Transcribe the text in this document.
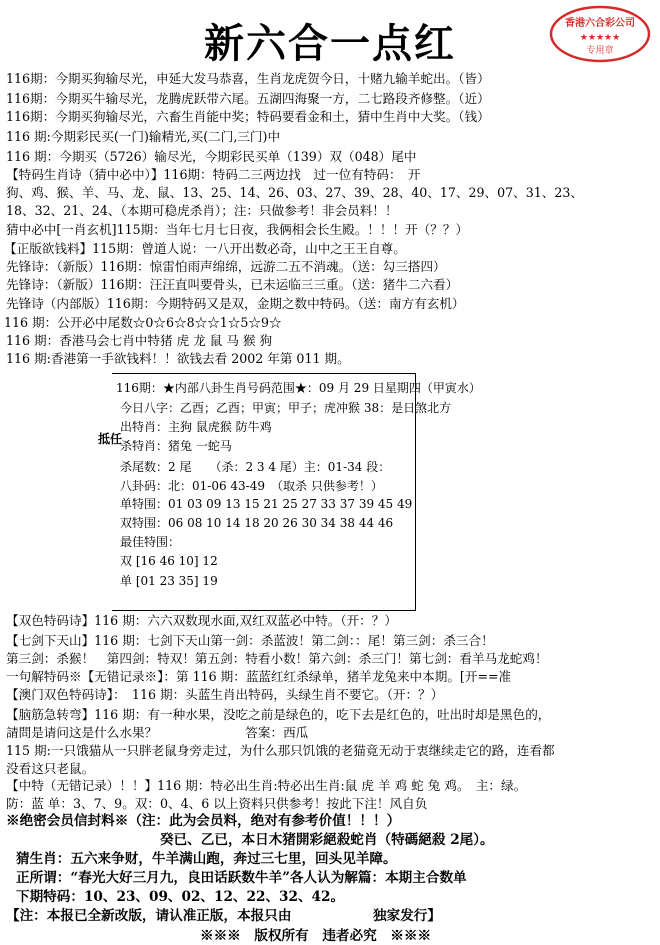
新六合一点红	香港六合彩公司
★★★★★
专用章
116期：今期买狗输尽光，申延大发马恭喜，生肖龙虎贺今日，十赌九输羊蛇出。（皆）
116期：今期买牛输尽光，龙腾虎跃带六尾。五湖四海聚一方，二七路段齐修整。（近）
116期：今期买狗输尽光，六畜生肖能中奖；特码要看金和土，猜中生肖中大奖。（钱）
116 期:今期彩民买(一门)输精光,买(二门,三门)中
116 期：今期买（5726）输尽光，今期彩民买单（139）双（048）尾中
【特码生肖诗（猜中必中）】116期：特码二三两边找　过一位有特码：　开
狗、鸡、猴、羊、马、龙、鼠、13、25、14、26、03、27、39、28、40、17、29、07、31、23、
18、32、21、24、（本期可稳虎杀肖）；注：只做参考！非会员料！！
猜中必中[一肖玄机]115期：当年七月七日夜，我俩相会长生殿。！！！开（？？）
【正版欲钱料】115期：曾道人说：一八开出数必奇，山中之王王自尊。
先锋诗：（新版）116期：惊雷怕雨声绵绵，远游二五不消魂。（送：勾三搭四）
先锋诗：（新版）116期：汪汪直叫要骨头，已未运临三三重。（送：猪牛二六看）
先锋诗（内部版）116期：今期特码又是双，金期之数中特码。（送：南方有玄机）
116 期：公开必中尾数☆0☆6☆8☆☆1☆5☆9☆
116 期：香港马会七肖中特猪 虎 龙 鼠 马 猴 狗
116 期:香港第一手欲钱料！！欲钱去看 2002 年第 011 期。
【双色特码诗】116 期：六六双数现水面,双红双蓝必中特。（开：？）
【七剑下天山】116 期：七剑下天山第一剑：杀蓝波！第二剑：：尾！第三剑：杀三合！
第三剑：杀猴！　第四剑：特双！第五剑：特看小数！第六剑：杀三门！第七剑：看羊马龙蛇鸡！
一句解特码※【无错记录※】：第 116 期：蓝蓝红红杀绿单，猪羊龙兔来中本期。[开==准
【澳门双色特码诗】：　116 期：头蓝生肖出特码，头绿生肖不要它。（开：？）
【脑筋急转弯】116 期：有一种水果，没吃之前是绿色的，吃下去是红色的，吐出时却是黑色的，
請問是请问这是什么水果？　　　　　　　答案：西瓜
115 期:一只饿猫从一只胖老鼠身旁走过，为什么那只饥饿的老猫竟无动于衷继续走它的路，连看都
没看这只老鼠。
【中特（无错记录）！！】116 期：特必出生肖:特必出生肖:鼠 虎 羊 鸡 蛇 兔 鸡。　主：绿。
防：蓝 单：3、7、9。双：0、4、6 以上资料只供参考！按此下注！风自负
※绝密会员信封料※（注：此为会员料，绝对有参考价值！！！）
癸已、乙已，本日木猪開彩絕殺蛇肖（特碼絕殺 2尾）。
猜生肖：五六来争财，牛羊满山跑，奔过三七里，回头见羊障。
正所谓：“春光大好三月九，良田话跃数牛羊”各人认为解篇：本期主合数单
下期特码：10、23、09、02、12、22、32、42。
【注：本报已全新改版，请认准正版，本报只由　　　　　　独家发行】
※※※　版权所有　违者必究　※※※
116期：★内部八卦生肖号码范围★：09 月 29 日星期四（甲寅水）
今日八字：乙酉；乙酉；甲寅；甲子；虎冲猴 38：是日煞北方
出特肖：主狗 鼠虎猴 防牛鸡
杀特肖：猪兔 一蛇马
杀尾数：2 尾　　（杀：2 3 4 尾）主：01-34 段：
八卦码：北：01-06 43-49　（取杀 只供参考！）
单特围：01 03 09 13 15 21 25 27 33 37 39 45 49
双特围：06 08 10 14 18 20 26 30 34 38 44 46
最佳特围：
双 [16 46 10] 12
单 [01 23 35] 19
抵任
